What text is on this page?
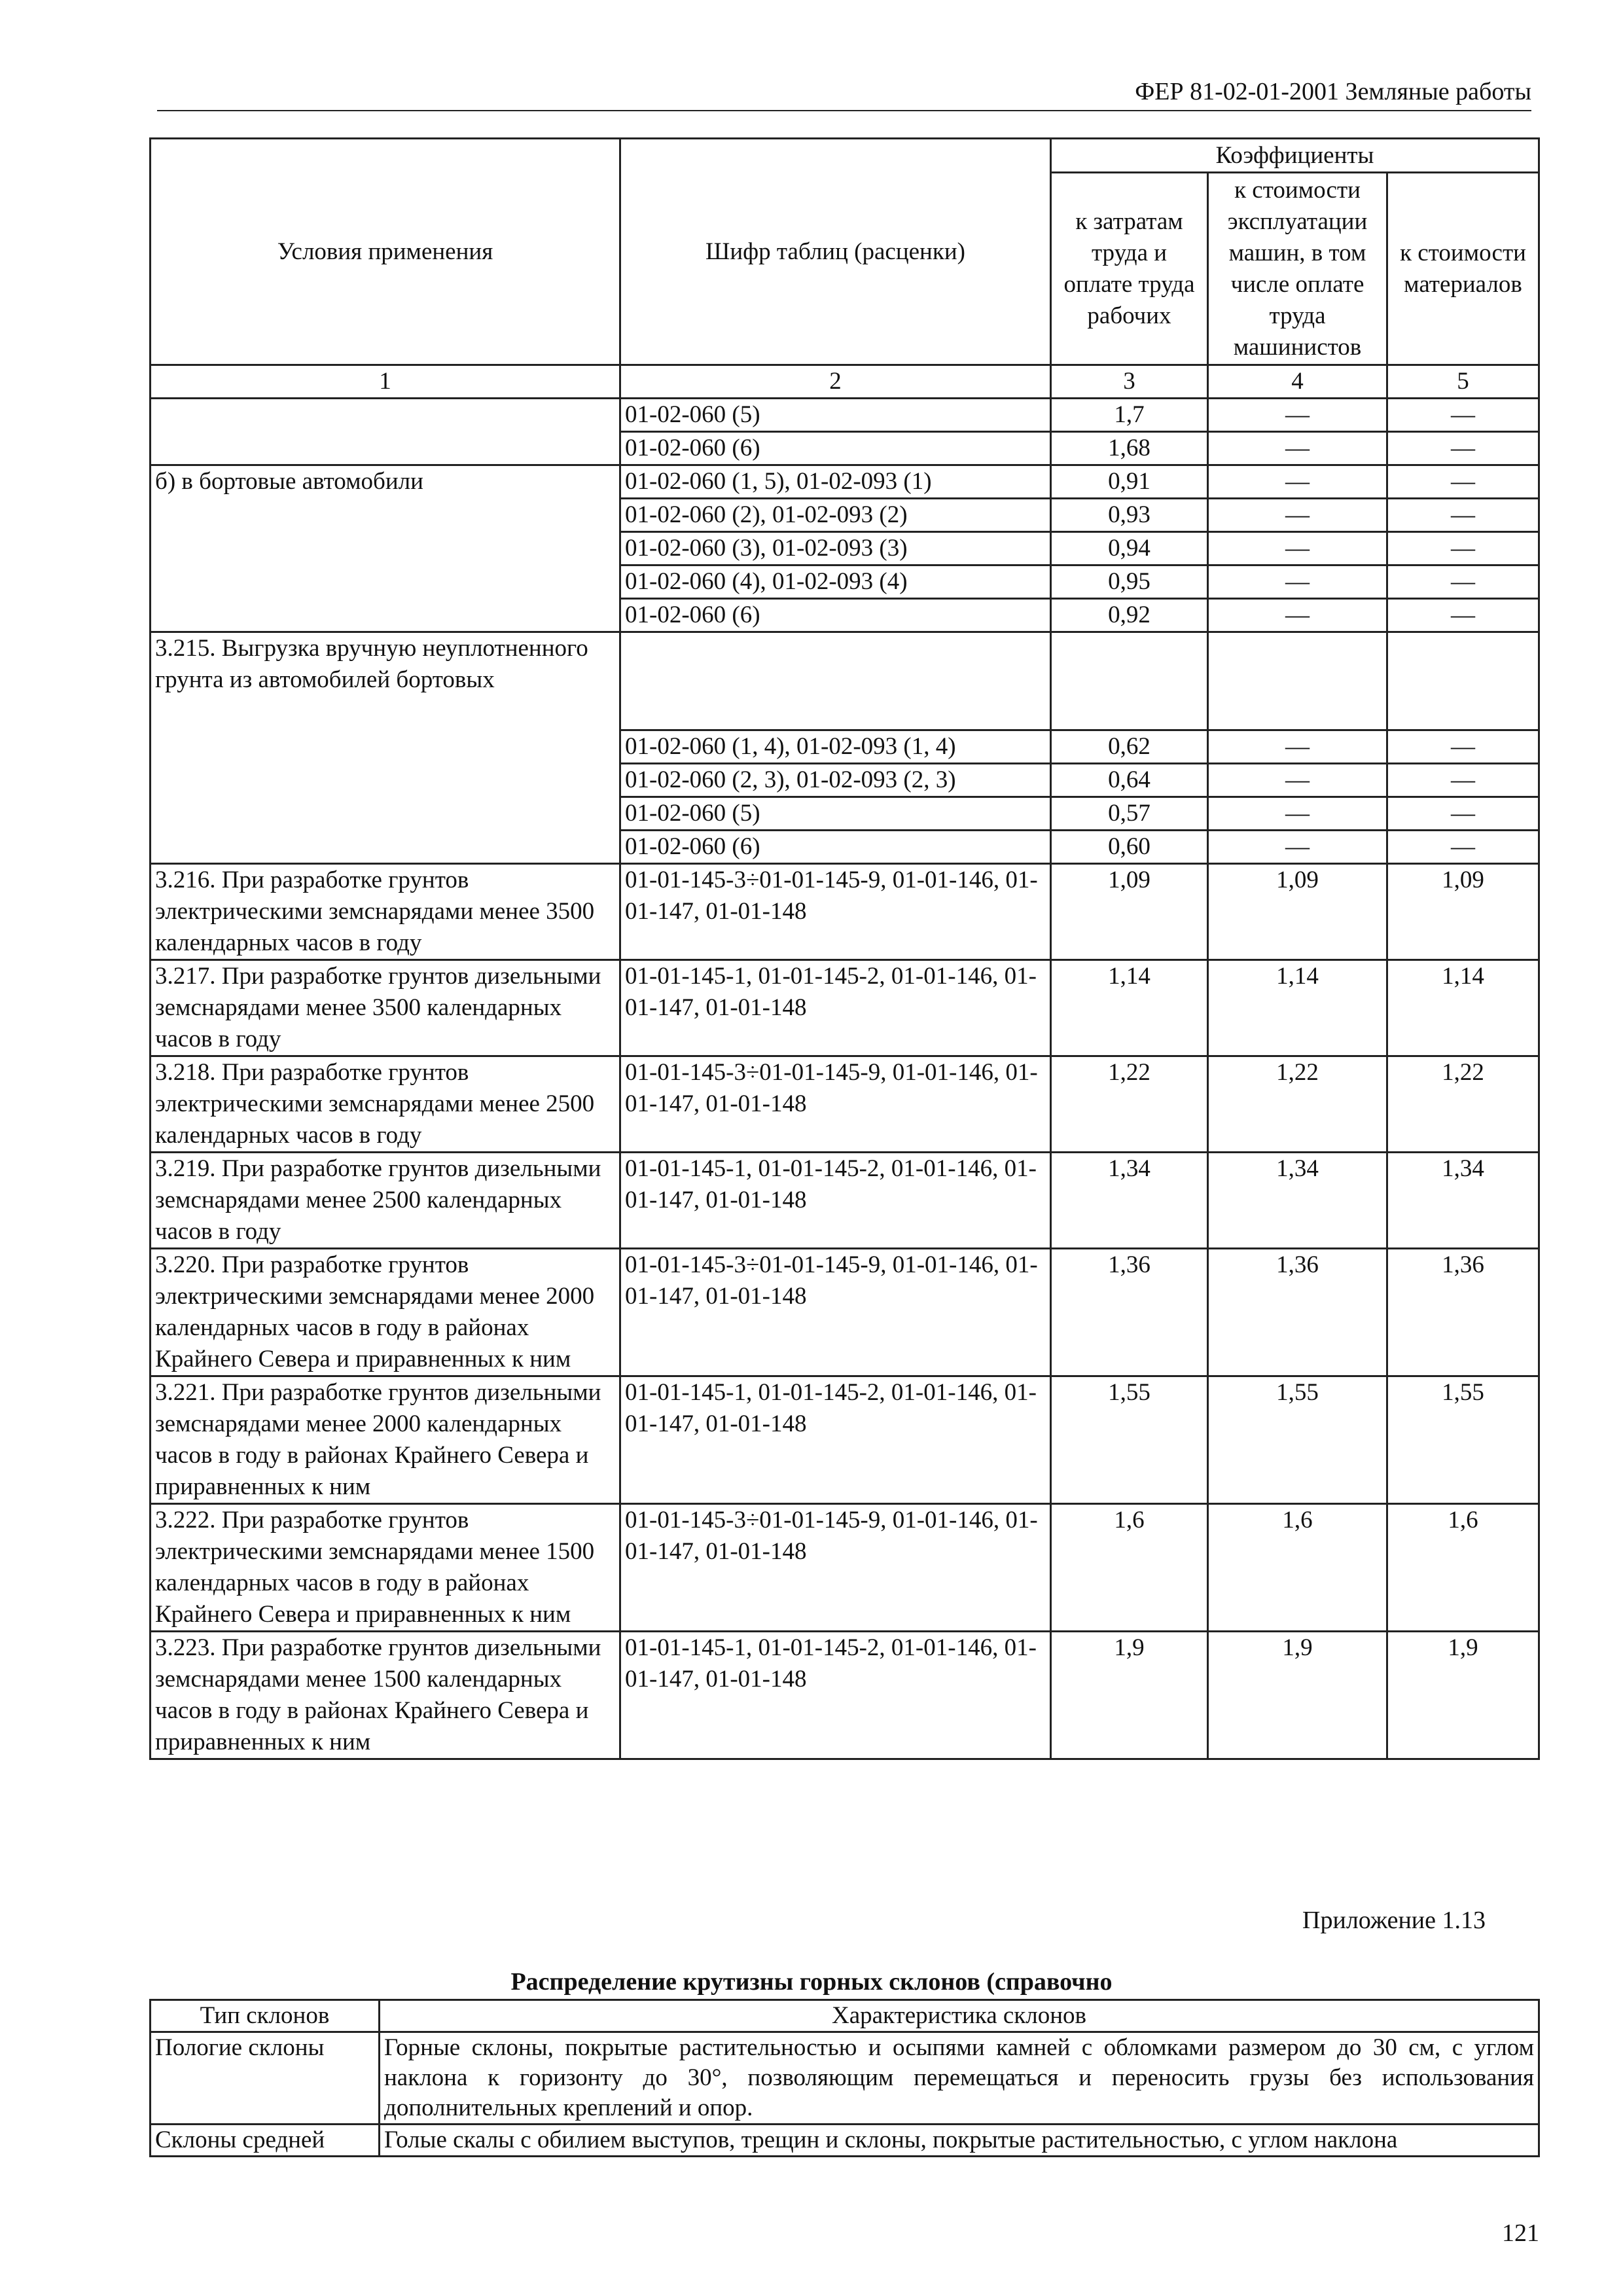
ФЕР 81-02-01-2001 Земляные работы
Условия применения	Шифр таблиц (расценки)	Коэффициенты		
		к затратам труда и оплате труда рабочих	к стоимости эксплуатации машин, в том числе оплате труда машинистов	к стоимости материалов
1	2	3	4	5
	01-02-060 (5)	1,7	—	—
	01-02-060 (6)	1,68	—	—
б) в бортовые автомобили	01-02-060 (1, 5), 01-02-093 (1)	0,91	—	—
	01-02-060 (2), 01-02-093 (2)	0,93	—	—
	01-02-060 (3), 01-02-093 (3)	0,94	—	—
	01-02-060 (4), 01-02-093 (4)	0,95	—	—
	01-02-060 (6)	0,92	—	—
3.215. Выгрузка вручную неуплотненного грунта из автомобилей бортовых				
	01-02-060 (1, 4), 01-02-093 (1, 4)	0,62	—	—
	01-02-060 (2, 3), 01-02-093 (2, 3)	0,64	—	—
	01-02-060 (5)	0,57	—	—
	01-02-060 (6)	0,60	—	—
3.216. При разработке грунтов электрическими земснарядами менее 3500 календарных часов в году	01-01-145-3÷01-01-145-9, 01-01-146, 01-01-147, 01-01-148	1,09	1,09	1,09
3.217. При разработке грунтов дизельными земснарядами менее 3500 календарных часов в году	01-01-145-1, 01-01-145-2, 01-01-146, 01-01-147, 01-01-148	1,14	1,14	1,14
3.218. При разработке грунтов электрическими земснарядами менее 2500 календарных часов в году	01-01-145-3÷01-01-145-9, 01-01-146, 01-01-147, 01-01-148	1,22	1,22	1,22
3.219. При разработке грунтов дизельными земснарядами менее 2500 календарных часов в году	01-01-145-1, 01-01-145-2, 01-01-146, 01-01-147, 01-01-148	1,34	1,34	1,34
3.220. При разработке грунтов электрическими земснарядами менее 2000 календарных часов в году в районах Крайнего Севера и приравненных к ним	01-01-145-3÷01-01-145-9, 01-01-146, 01-01-147, 01-01-148	1,36	1,36	1,36
3.221. При разработке грунтов дизельными земснарядами менее 2000 календарных часов в году в районах Крайнего Севера и приравненных к ним	01-01-145-1, 01-01-145-2, 01-01-146, 01-01-147, 01-01-148	1,55	1,55	1,55
3.222. При разработке грунтов электрическими земснарядами менее 1500 календарных часов в году в районах Крайнего Севера и приравненных к ним	01-01-145-3÷01-01-145-9, 01-01-146, 01-01-147, 01-01-148	1,6	1,6	1,6
3.223. При разработке грунтов дизельными земснарядами менее 1500 календарных часов в году в районах Крайнего Севера и приравненных к ним	01-01-145-1, 01-01-145-2, 01-01-146, 01-01-147, 01-01-148	1,9	1,9	1,9
Приложение 1.13
Распределение крутизны горных склонов (справочно
Тип склонов	Характеристика склонов
Пологие склоны	Горные склоны, покрытые растительностью и осыпями камней с обломками размером до 30 см, с углом наклона к горизонту до 30°, позволяющим перемещаться и переносить грузы без использования дополнительных креплений и опор.
Склоны средней	Голые скалы с обилием выступов, трещин и склоны, покрытые растительностью, с углом наклона
121
